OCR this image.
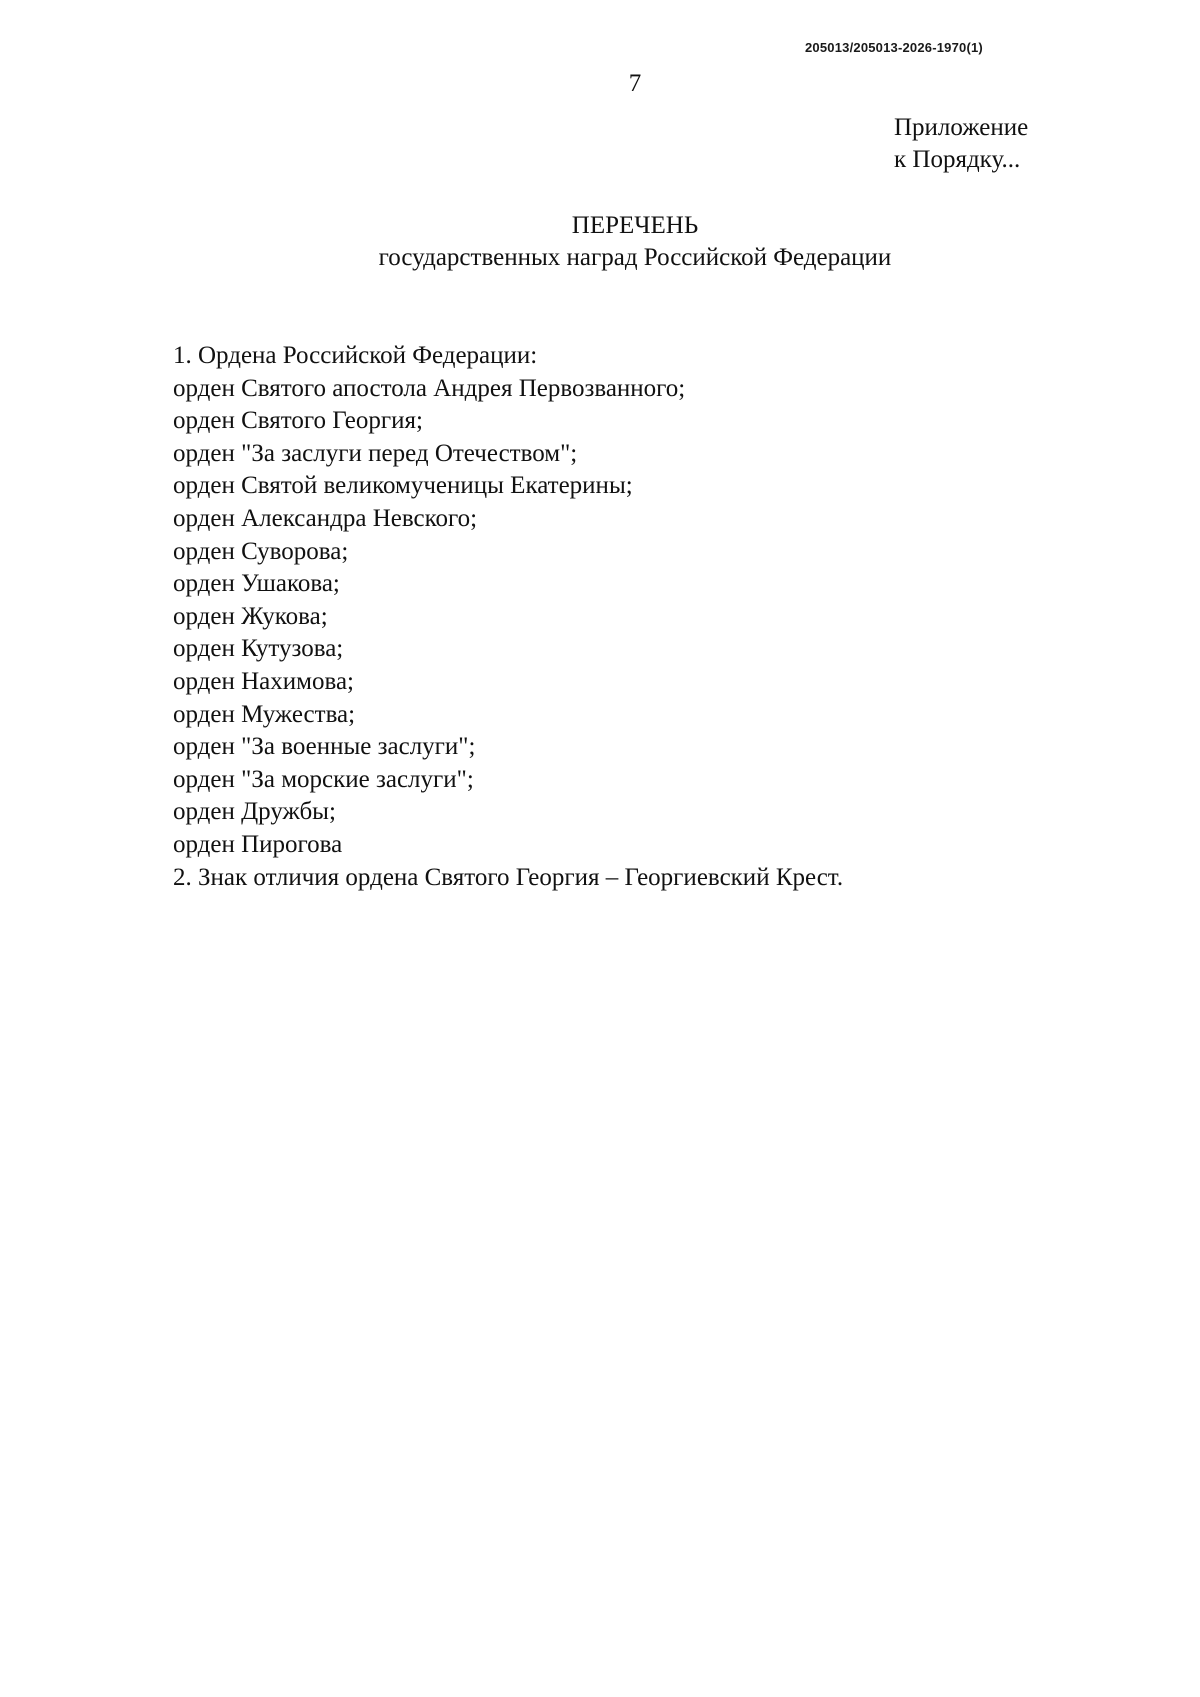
205013/205013-2026-1970(1)
7
Приложение
к Порядку...
ПЕРЕЧЕНЬ
государственных наград Российской Федерации
1. Ордена Российской Федерации:
орден Святого апостола Андрея Первозванного;
орден Святого Георгия;
орден "За заслуги перед Отечеством";
орден Святой великомученицы Екатерины;
орден Александра Невского;
орден Суворова;
орден Ушакова;
орден Жукова;
орден Кутузова;
орден Нахимова;
орден Мужества;
орден "За военные заслуги";
орден "За морские заслуги";
орден Дружбы;
орден Пирогова
2. Знак отличия ордена Святого Георгия – Георгиевский Крест.
